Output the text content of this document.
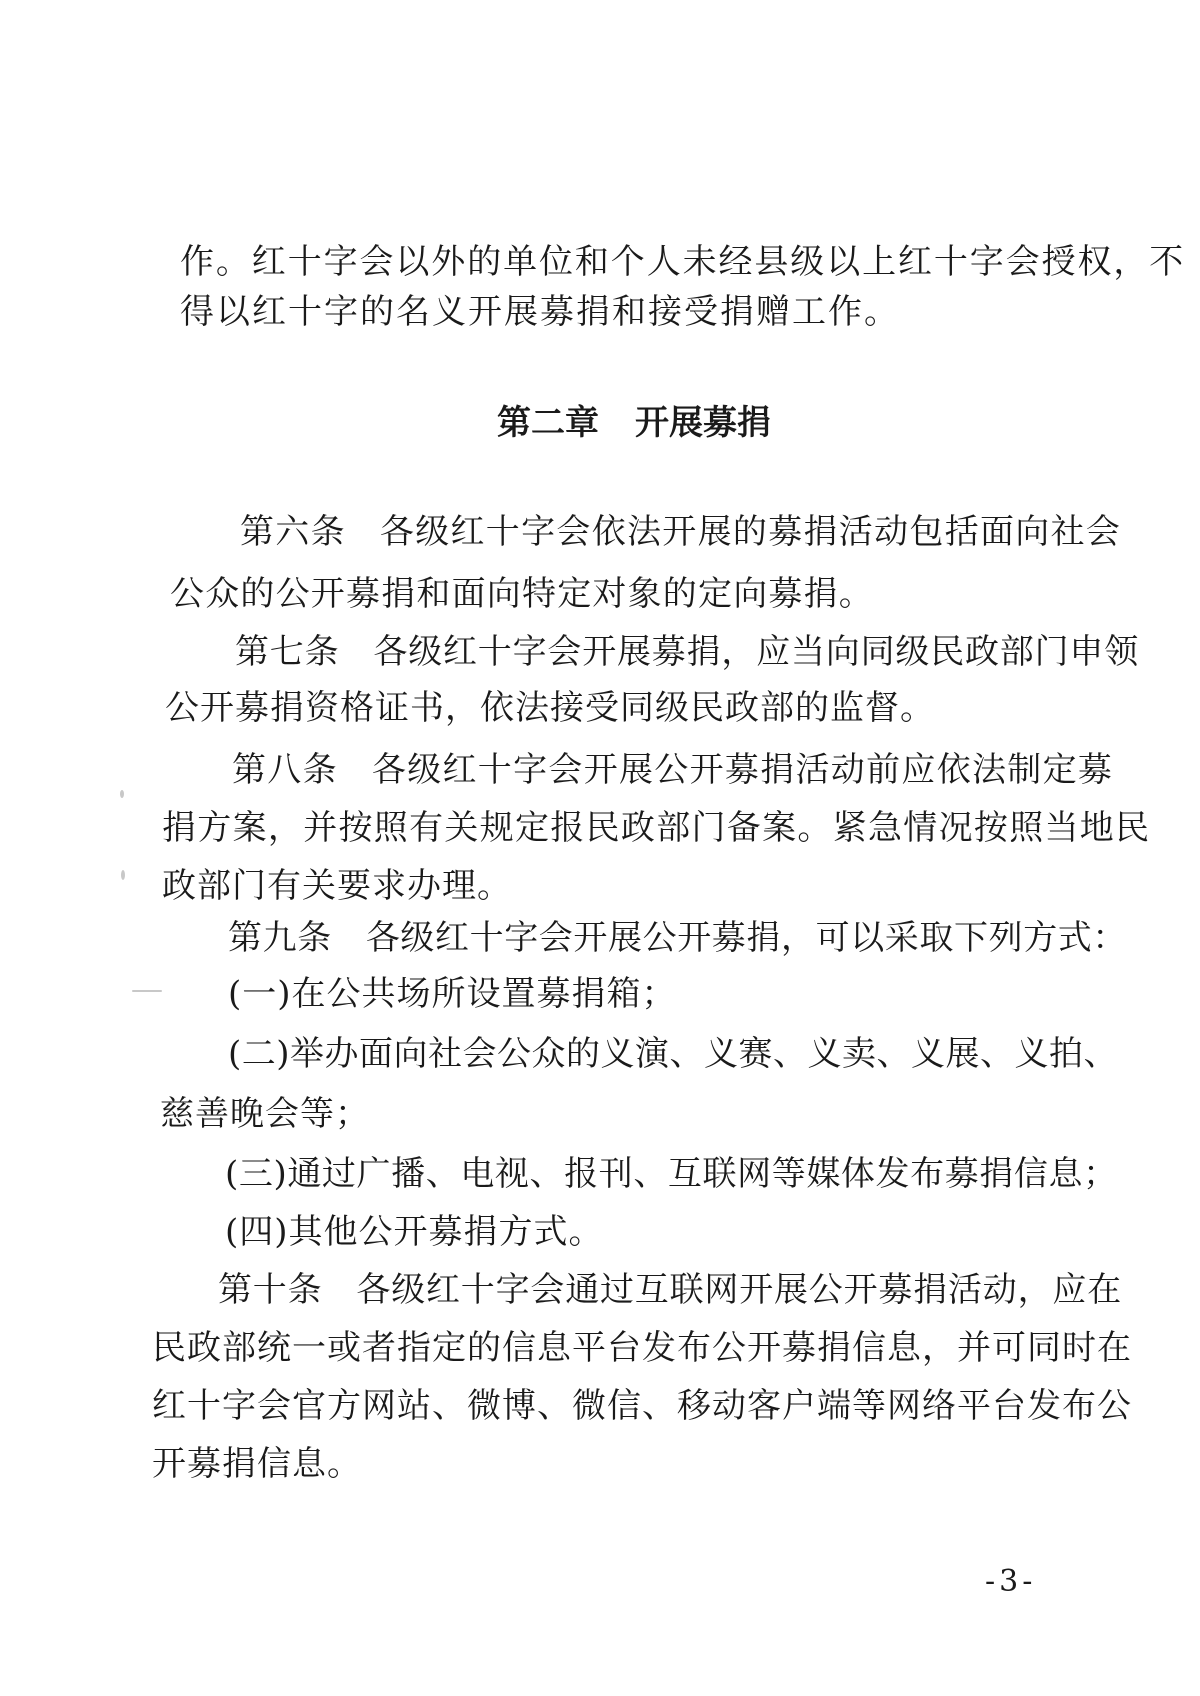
作。红十字会以外的单位和个人未经县级以上红十字会授权，不
得以红十字的名义开展募捐和接受捐赠工作。
第二章 开展募捐
第六条 各级红十字会依法开展的募捐活动包括面向社会
公众的公开募捐和面向特定对象的定向募捐。
第七条 各级红十字会开展募捐，应当向同级民政部门申领
公开募捐资格证书，依法接受同级民政部的监督。
第八条 各级红十字会开展公开募捐活动前应依法制定募
捐方案，并按照有关规定报民政部门备案。紧急情况按照当地民
政部门有关要求办理。
第九条 各级红十字会开展公开募捐，可以采取下列方式：
(一)在公共场所设置募捐箱；
(二)举办面向社会公众的义演、义赛、义卖、义展、义拍、
慈善晚会等；
(三)通过广播、电视、报刊、互联网等媒体发布募捐信息；
(四)其他公开募捐方式。
第十条 各级红十字会通过互联网开展公开募捐活动，应在
民政部统一或者指定的信息平台发布公开募捐信息，并可同时在
红十字会官方网站、微博、微信、移动客户端等网络平台发布公
开募捐信息。
-3-
